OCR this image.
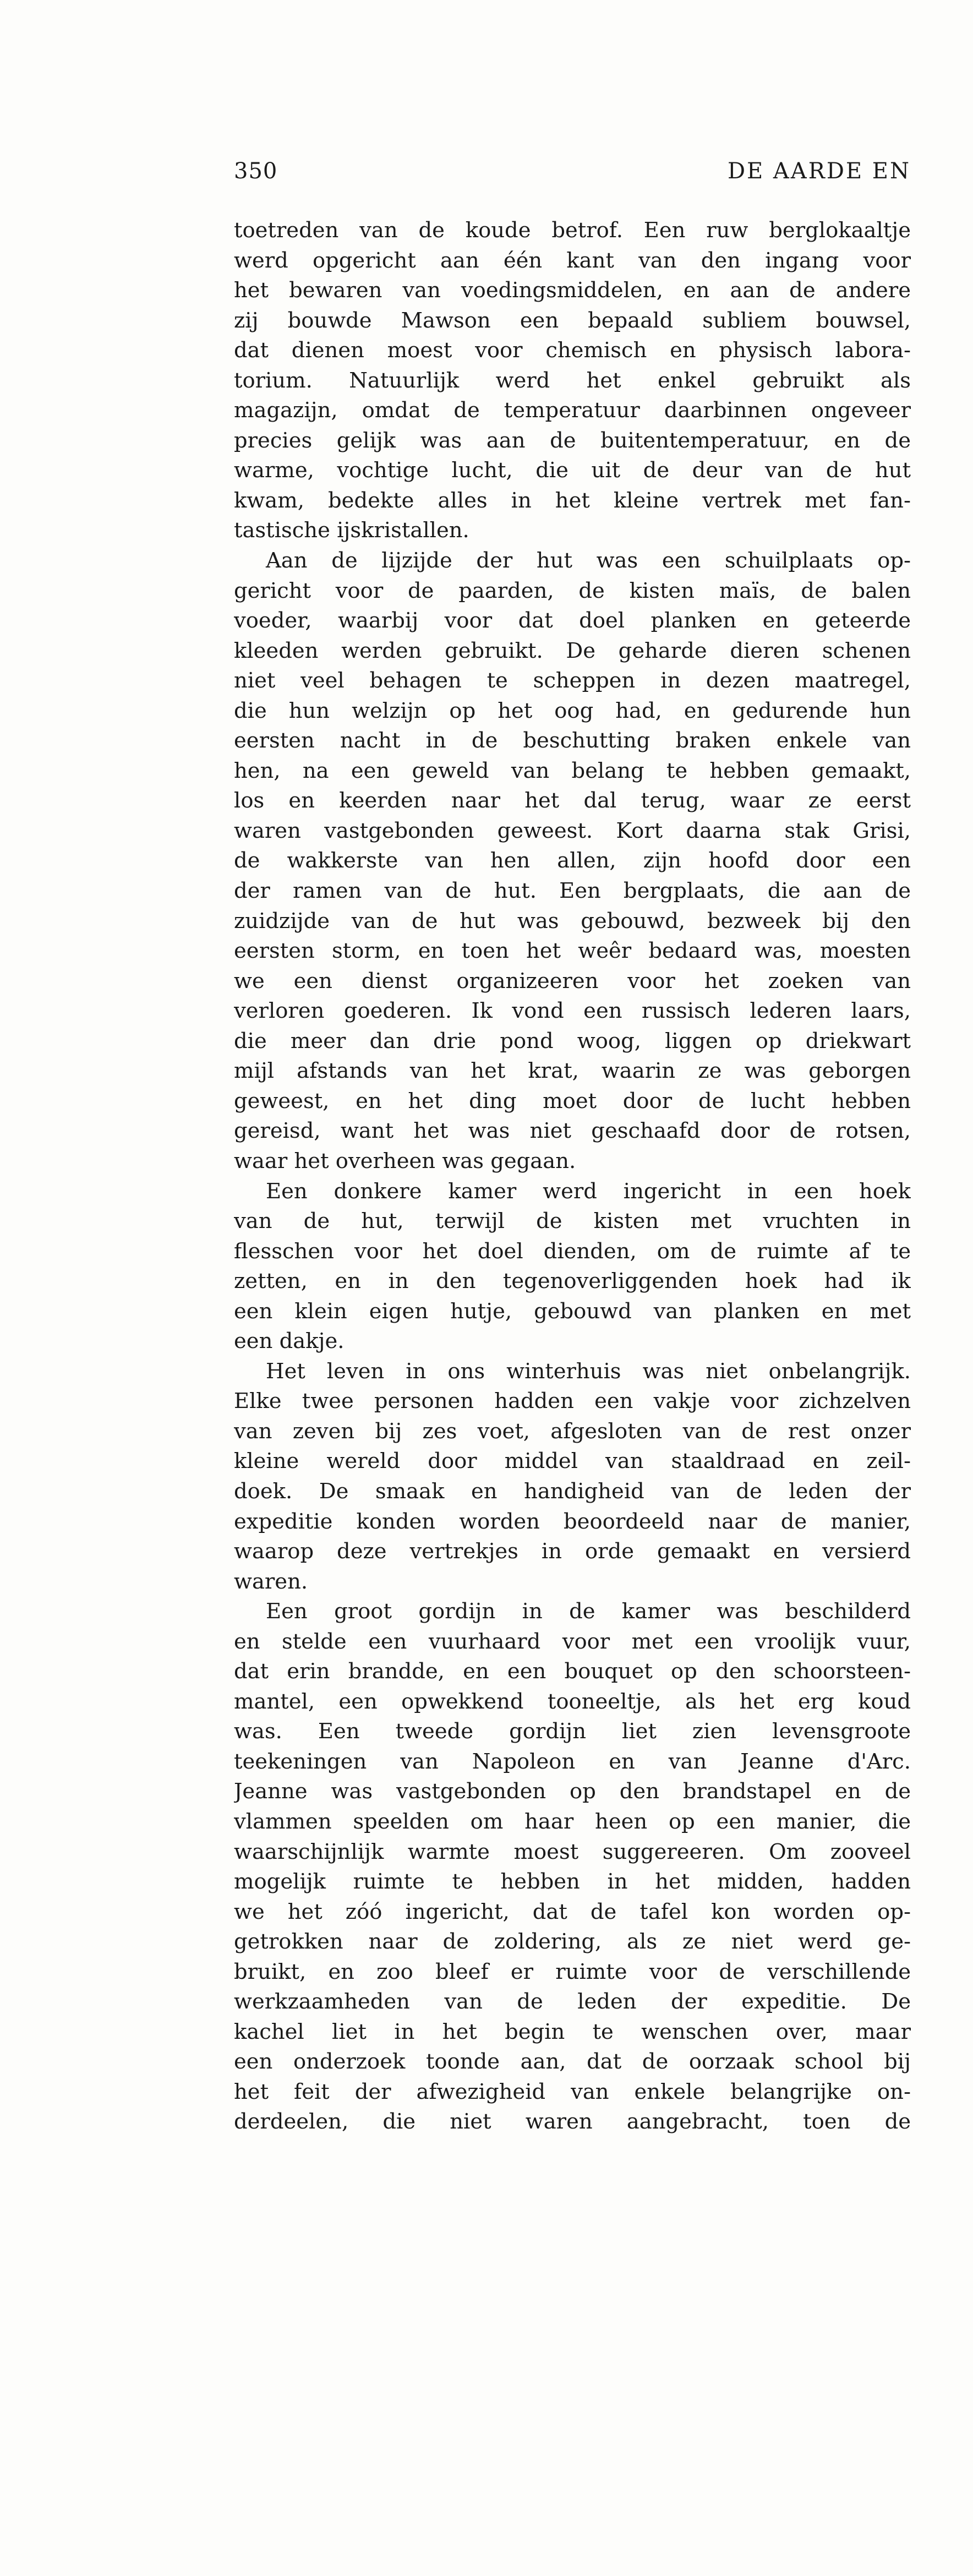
350	DE AARDE EN
toetreden van de koude betrof. Een ruw berglokaaltje
werd opgericht aan één kant van den ingang voor
het bewaren van voedingsmiddelen, en aan de andere
zij bouwde Mawson een bepaald subliem bouwsel,
dat dienen moest voor chemisch en physisch labora-
torium. Natuurlijk werd het enkel gebruikt als
magazijn, omdat de temperatuur daarbinnen ongeveer
precies gelijk was aan de buitentemperatuur, en de
warme, vochtige lucht, die uit de deur van de hut
kwam, bedekte alles in het kleine vertrek met fan-
tastische ijskristallen.
Aan de lijzijde der hut was een schuilplaats op-
gericht voor de paarden, de kisten maïs, de balen
voeder, waarbij voor dat doel planken en geteerde
kleeden werden gebruikt. De geharde dieren schenen
niet veel behagen te scheppen in dezen maatregel,
die hun welzijn op het oog had, en gedurende hun
eersten nacht in de beschutting braken enkele van
hen, na een geweld van belang te hebben gemaakt,
los en keerden naar het dal terug, waar ze eerst
waren vastgebonden geweest. Kort daarna stak Grisi,
de wakkerste van hen allen, zijn hoofd door een
der ramen van de hut. Een bergplaats, die aan de
zuidzijde van de hut was gebouwd, bezweek bij den
eersten storm, en toen het weêr bedaard was, moesten
we een dienst organizeeren voor het zoeken van
verloren goederen. Ik vond een russisch lederen laars,
die meer dan drie pond woog, liggen op driekwart
mijl afstands van het krat, waarin ze was geborgen
geweest, en het ding moet door de lucht hebben
gereisd, want het was niet geschaafd door de rotsen,
waar het overheen was gegaan.
Een donkere kamer werd ingericht in een hoek
van de hut, terwijl de kisten met vruchten in
flesschen voor het doel dienden, om de ruimte af te
zetten, en in den tegenoverliggenden hoek had ik
een klein eigen hutje, gebouwd van planken en met
een dakje.
Het leven in ons winterhuis was niet onbelangrijk.
Elke twee personen hadden een vakje voor zichzelven
van zeven bij zes voet, afgesloten van de rest onzer
kleine wereld door middel van staaldraad en zeil-
doek. De smaak en handigheid van de leden der
expeditie konden worden beoordeeld naar de manier,
waarop deze vertrekjes in orde gemaakt en versierd
waren.
Een groot gordijn in de kamer was beschilderd
en stelde een vuurhaard voor met een vroolijk vuur,
dat erin brandde, en een bouquet op den schoorsteen-
mantel, een opwekkend tooneeltje, als het erg koud
was. Een tweede gordijn liet zien levensgroote
teekeningen van Napoleon en van Jeanne d'Arc.
Jeanne was vastgebonden op den brandstapel en de
vlammen speelden om haar heen op een manier, die
waarschijnlijk warmte moest suggereeren. Om zooveel
mogelijk ruimte te hebben in het midden, hadden
we het zóó ingericht, dat de tafel kon worden op-
getrokken naar de zoldering, als ze niet werd ge-
bruikt, en zoo bleef er ruimte voor de verschillende
werkzaamheden van de leden der expeditie. De
kachel liet in het begin te wenschen over, maar
een onderzoek toonde aan, dat de oorzaak school bij
het feit der afwezigheid van enkele belangrijke on-
derdeelen, die niet waren aangebracht, toen de
